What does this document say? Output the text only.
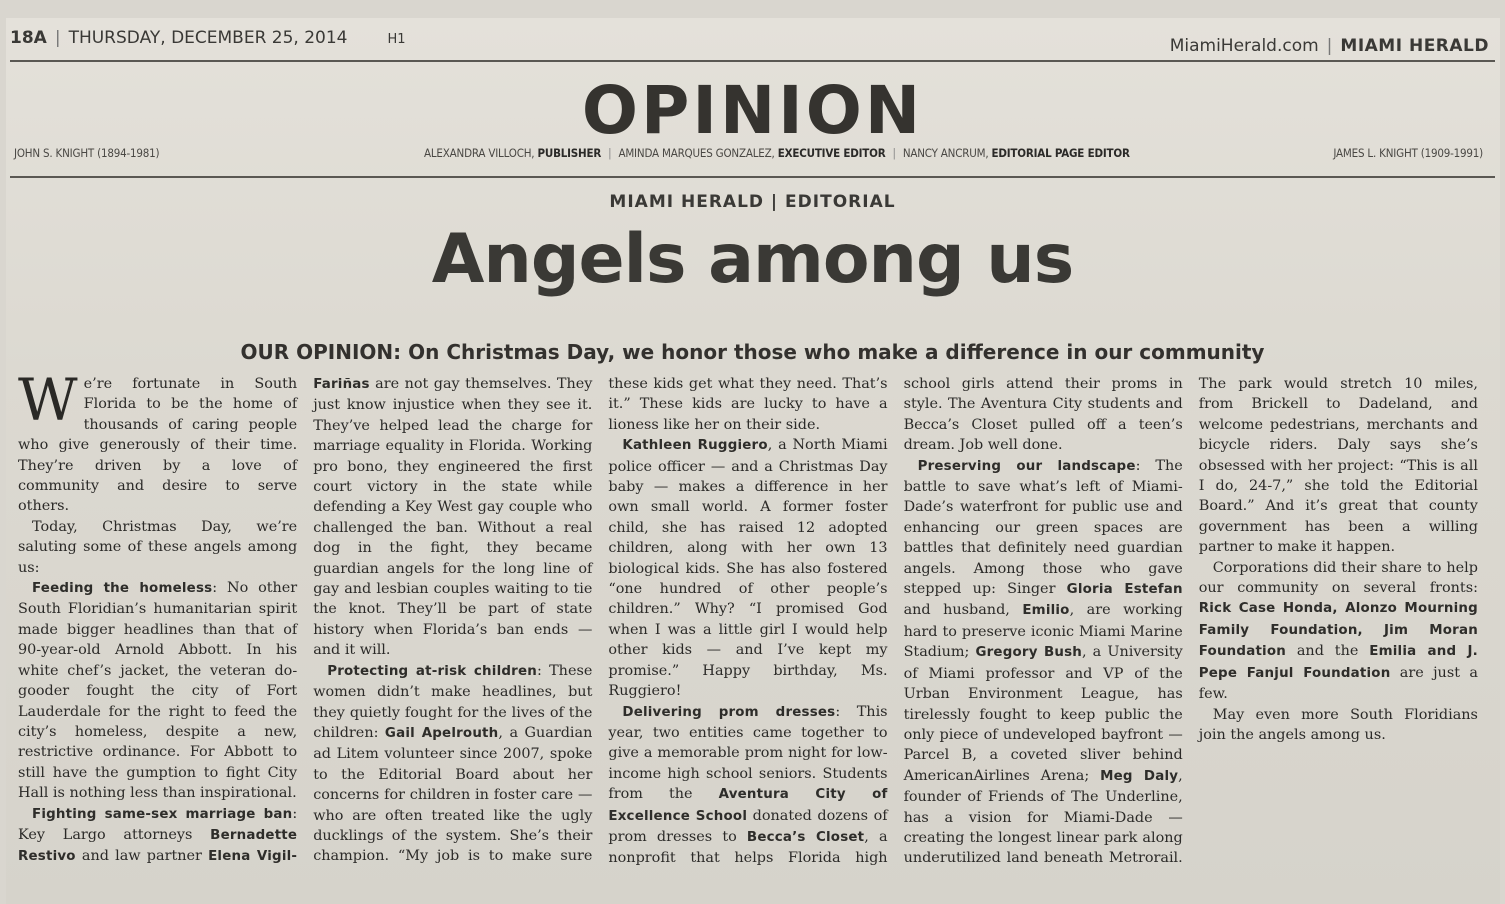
18A | THURSDAY, DECEMBER 25, 2014	H1	MiamiHerald.com | MIAMI HERALD
OPINION
JOHN S. KNIGHT (1894-1981)	ALEXANDRA VILLOCH, PUBLISHER | AMINDA MARQUES GONZALEZ, EXECUTIVE EDITOR | NANCY ANCRUM, EDITORIAL PAGE EDITOR	JAMES L. KNIGHT (1909-1991)
MIAMI HERALD | EDITORIAL
Angels among us
OUR OPINION: On Christmas Day, we honor those who make a difference in our community

We’re fortunate in South Florida to be the home of thousands of caring people who give generously of their time. They’re driven by a love of community and desire to serve others.

Today, Christmas Day, we’re saluting some of these angels among us:

Feeding the homeless: No other South Floridian’s humanitarian spirit made bigger headlines than that of 90-year-old Arnold Abbott. In his white chef’s jacket, the veteran do-gooder fought the city of Fort Lauderdale for the right to feed the city’s homeless, despite a new, restrictive ordinance. For Abbott to still have the gumption to fight City Hall is nothing less than inspirational.

Fighting same-sex marriage ban: Key Largo attorneys Bernadette Restivo and law partner Elena Vigil-Fariñas are not gay themselves. They just know injustice when they see it. They’ve helped lead the charge for marriage equality in Florida. Working pro bono, they engineered the first court victory in the state while defending a Key West gay couple who challenged the ban. Without a real dog in the fight, they became guardian angels for the long line of gay and lesbian couples waiting to tie the knot. They’ll be part of state history when Florida’s ban ends — and it will.

Protecting at-risk children: These women didn’t make headlines, but they quietly fought for the lives of the children: Gail Apelrouth, a Guardian ad Litem volunteer since 2007, spoke to the Editorial Board about her concerns for children in foster care — who are often treated like the ugly ducklings of the system. She’s their champion. “My job is to make sure these kids get what they need. That’s it.” These kids are lucky to have a lioness like her on their side.

Kathleen Ruggiero, a North Miami police officer — and a Christmas Day baby — makes a difference in her own small world. A former foster child, she has raised 12 adopted children, along with her own 13 biological kids. She has also fostered “one hundred of other people’s children.” Why? “I promised God when I was a little girl I would help other kids — and I’ve kept my promise.” Happy birthday, Ms. Ruggiero!

Delivering prom dresses: This year, two entities came together to give a memorable prom night for low-income high school seniors. Students from the Aventura City of Excellence School donated dozens of prom dresses to Becca’s Closet, a nonprofit that helps Florida high school girls attend their proms in style. The Aventura City students and Becca’s Closet pulled off a teen’s dream. Job well done.

Preserving our landscape: The battle to save what’s left of Miami-Dade’s waterfront for public use and enhancing our green spaces are battles that definitely need guardian angels. Among those who gave stepped up: Singer Gloria Estefan and husband, Emilio, are working hard to preserve iconic Miami Marine Stadium; Gregory Bush, a University of Miami professor and VP of the Urban Environment League, has tirelessly fought to keep public the only piece of undeveloped bayfront — Parcel B, a coveted sliver behind AmericanAirlines Arena; Meg Daly, founder of Friends of The Underline, has a vision for Miami-Dade — creating the longest linear park along underutilized land beneath Metrorail. The park would stretch 10 miles, from Brickell to Dadeland, and welcome pedestrians, merchants and bicycle riders. Daly says she’s obsessed with her project: “This is all I do, 24-7,” she told the Editorial Board.” And it’s great that county government has been a willing partner to make it happen.

Corporations did their share to help our community on several fronts: Rick Case Honda, Alonzo Mourning Family Foundation, Jim Moran Foundation and the Emilia and J. Pepe Fanjul Foundation are just a few.

May even more South Floridians join the angels among us.
